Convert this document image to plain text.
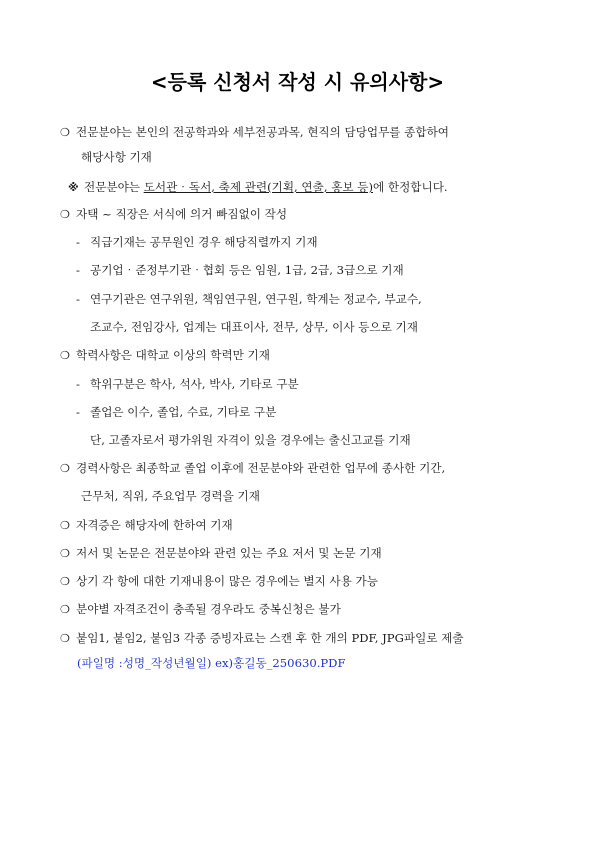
<등록 신청서 작성 시 유의사항>
❍ 전문분야는 본인의 전공학과와 세부전공과목, 현직의 담당업무를 종합하여
해당사항 기재
※ 전문분야는 도서관‧독서, 축제 관련(기획, 연출, 홍보 등)에 한정합니다.
❍ 자택 ~ 직장은 서식에 의거 빠짐없이 작성
- 직급기재는 공무원인 경우 해당직렬까지 기재
- 공기업‧준정부기관‧협회 등은 임원, 1급, 2급, 3급으로 기재
- 연구기관은 연구위원, 책임연구원, 연구원, 학계는 정교수, 부교수,
조교수, 전임강사, 업계는 대표이사, 전무, 상무, 이사 등으로 기재
❍ 학력사항은 대학교 이상의 학력만 기재
- 학위구분은 학사, 석사, 박사, 기타로 구분
- 졸업은 이수, 졸업, 수료, 기타로 구분
단, 고졸자로서 평가위원 자격이 있을 경우에는 출신고교를 기재
❍ 경력사항은 최종학교 졸업 이후에 전문분야와 관련한 업무에 종사한 기간,
근무처, 직위, 주요업무 경력을 기재
❍ 자격증은 해당자에 한하여 기재
❍ 저서 및 논문은 전문분야와 관련 있는 주요 저서 및 논문 기재
❍ 상기 각 항에 대한 기재내용이 많은 경우에는 별지 사용 가능
❍ 분야별 자격조건이 충족될 경우라도 중복신청은 불가
❍ 붙임1, 붙임2, 붙임3 각종 증빙자료는 스캔 후 한 개의 PDF, JPG파일로 제출
(파일명 :성명_작성년월일) ex)홍길동_250630.PDF
